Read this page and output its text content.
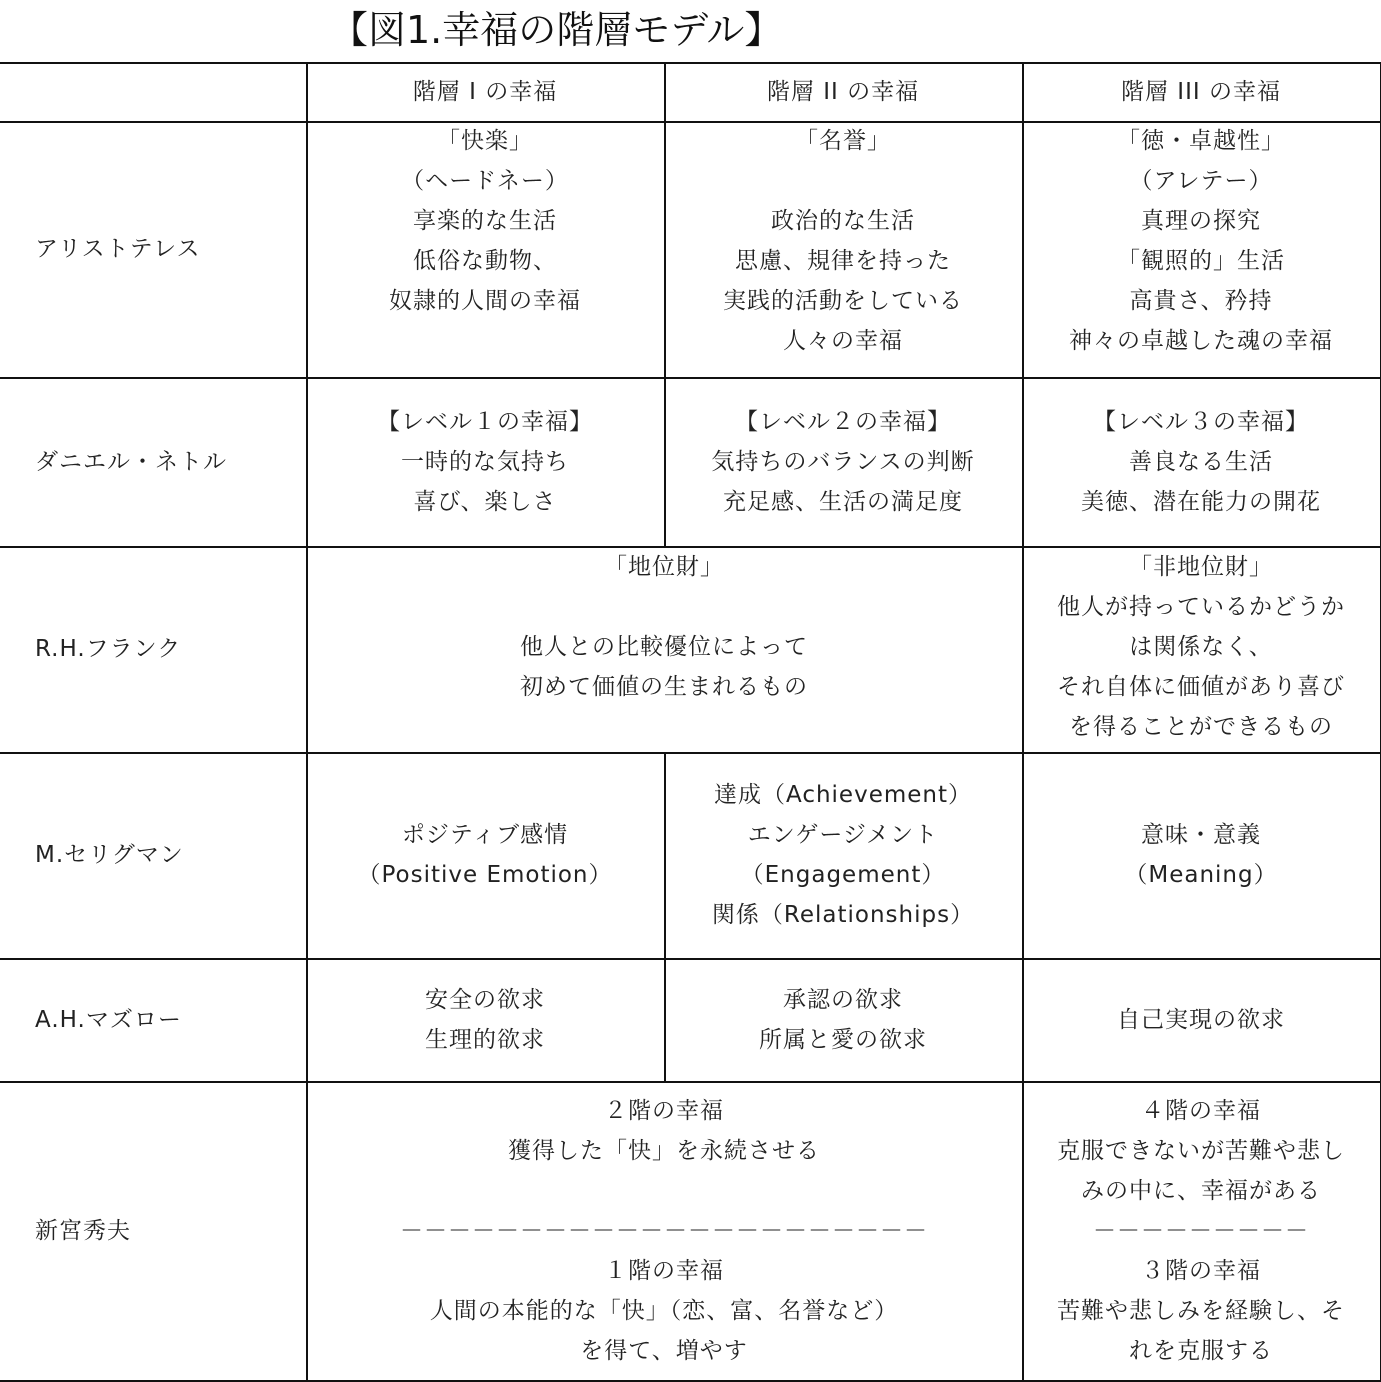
【図1.幸福の階層モデル】

階層 I の幸福	階層 II の幸福	階層 III の幸福
アリストテレス
「快楽」
（ヘードネー）
享楽的な生活
低俗な動物、
奴隷的人間の幸福
「名誉」

政治的な生活
思慮、規律を持った
実践的活動をしている
人々の幸福
「徳・卓越性」
（アレテー）
真理の探究
「観照的」生活
高貴さ、矜持
神々の卓越した魂の幸福
ダニエル・ネトル
【レベル１の幸福】
一時的な気持ち
喜び、楽しさ
【レベル２の幸福】
気持ちのバランスの判断
充足感、生活の満足度
【レベル３の幸福】
善良なる生活
美徳、潜在能力の開花
R.H.フランク
「地位財」

他人との比較優位によって
初めて価値の生まれるもの
「非地位財」
他人が持っているかどうか
は関係なく、
それ自体に価値があり喜び
を得ることができるもの
M.セリグマン
ポジティブ感情
（Positive Emotion）
達成（Achievement）
エンゲージメント
（Engagement）
関係（Relationships）
意味・意義
（Meaning）
A.H.マズロー
安全の欲求
生理的欲求
承認の欲求
所属と愛の欲求
自己実現の欲求
新宮秀夫
２階の幸福
獲得した「快」を永続させる

－－－－－－－－－－－－－－－－－－－－－－
１階の幸福
人間の本能的な「快」（恋、富、名誉など）
を得て、増やす
４階の幸福
克服できないが苦難や悲し
みの中に、幸福がある
－－－－－－－－－
３階の幸福
苦難や悲しみを経験し、そ
れを克服する
